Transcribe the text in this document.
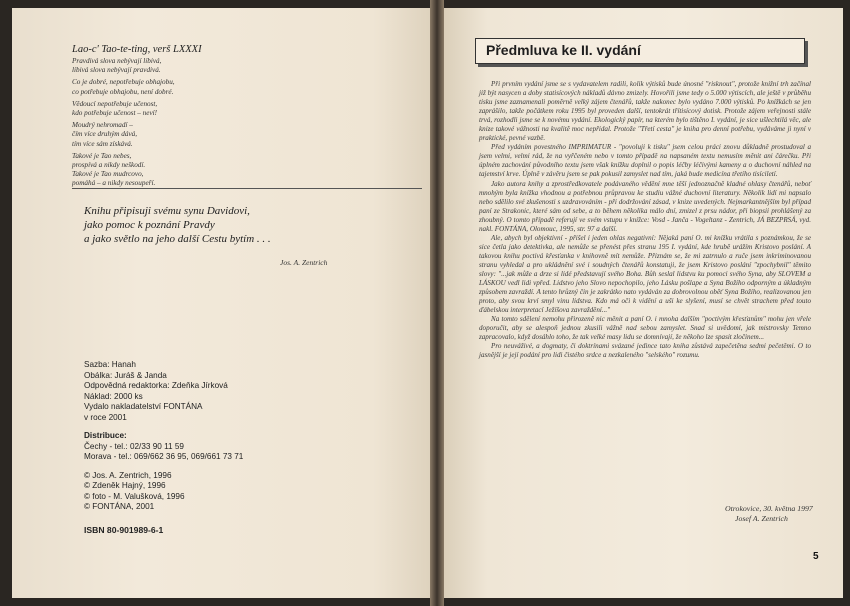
Lao-c' Tao-te-ting, verš LXXXI
Pravdivá slova nebývají líbivá,
líbivá slova nebývají pravdivá.
Co je dobré, nepotřebuje obhajobu,
co potřebuje obhajobu, není dobré.
Vědoucí nepotřebuje učenost,
kdo potřebuje učenost – neví!
Moudrý nehromadí –
čím více druhým dává,
tím více sám získává.
Takové je Tao nebes,
prospívá a nikdy neškodí.
Takové je Tao mudrcovo,
pomáhá – a nikdy nesoupeří.
Knihu připisuji svému synu Davidovi,
jako pomoc k poznání Pravdy
a jako světlo na jeho další Cestu bytím . . .
Jos. A. Zentrich
Sazba: Hanah
Obálka: Juráš & Janda
Odpovědná redaktorka: Zdeňka Jírková
Náklad: 2000 ks
Vydalo nakladatelství FONTÁNA
v roce 2001
Distribuce:
Čechy - tel.: 02/33 90 11 59
Morava - tel.: 069/662 36 95, 069/661 73 71
© Jos. A. Zentrich, 1996
© Zdeněk Hajný, 1996
© foto - M. Valušková, 1996
© FONTÁNA, 2001
ISBN 80-901989-6-1
Předmluva ke II. vydání

Při prvním vydání jsme se s vydavatelem radili, kolik výtisků bude únosné "risknout", protože knižní trh začínal již být nasycen a doby statisícových nákladů dávno zmizely. Hovořili jsme tedy o 5.000 výtiscích, ale ještě v průběhu tisku jsme zaznamenali poměrně velký zájem čtenářů, takže nakonec bylo vydáno 7.000 výtisků. Po knížkách se jen zaprášilo, takže počátkem roku 1995 byl proveden další, tentokrát třítisícový dotisk. Protože zájem veřejnosti stále trvá, rozhodli jsme se k novému vydání. Ekologický papír, na kterém bylo tištěno I. vydání, je sice ušlechtilá věc, ale knize takové vážnosti na kvalitě moc nepřidal. Protože "Třetí cesta" je kniha pro denní potřebu, vydáváme ji nyní v praktické, pevné vazbě.

Před vydáním povestného IMPRIMATUR - "povoluji k tisku" jsem celou práci znovu důkladně prostudoval a jsem velmi, velmi rád, že na vyřčeném nebo v tomto případě na napsaném textu nemusím měnit ani čárečku. Při úplném zachování původního textu jsem však knížku doplnil o popis léčby léčivými kameny a o duchovní náhled na tajemství krve. Úplně v závěru jsem se pak pokusil zamyslet nad tím, jaká bude medicína třetího tisíciletí.

Jako autora knihy a zprostředkovatele podávaného vědění mne těší jednoznačně kladné ohlasy čtenářů, neboť mnohým byla knížka vhodnou a potřebnou průpravou ke studiu vážné duchovní literatury. Několik lidí mi napsalo nebo sdělilo své zkušenosti s uzdravováním - při dodržování zásad, v knize uvedených. Nejmarkantnějším byl případ paní ze Strakonic, které sám od sebe, a to během několika málo dní, zmizel z prsu nádor, při biopsii prohlášený za zhoubný. O tomto případě referují ve svém vstupu v knížce: Vosd - Janča - Vogeltanz - Zentrich, JÁ BEZPRSÁ, vyd. nakl. FONTÁNA, Olomouc, 1995, str. 97 a další.

Ale, abych byl objektivní - přišel i jeden ohlas negativní: Nějaká paní O. mi knížku vrátila s poznámkou, že se sice četla jako detektivka, ale nemůže se přenést přes stranu 195 I. vydání, kde hrubě urážím Kristovo poslání. A takovou knihu poctivá křesťanka v knihovně mít nemůže. Přiznám se, že mi zatrnulo a ruče jsem inkriminovanou stranu vyhledal a pro ukládnění své i soudných čtenářů konstatuji, že jsem Kristovo poslání "zpochybnil" těmito slovy: "...jak může a drze si lidé představují svého Boha. Bůh seslal lidstvu ku pomoci svého Syna, aby SLOVEM a LÁSKOU vedl lidi vpřed. Lidstvo jeho Slovo nepochopilo, jeho Lásku pošlape a Syna Božího odporným a úkladným způsobem zavraždí. A tento hrůzný čin je zakrátko nato vydáván za dobrovolnou oběť Syna Božího, realizovanou jen proto, aby svou krví smyl vinu lidstva. Kdo má oči k vidění a uši ke slyšení, musí se chvět strachem před touto ďábelskou interpretací Ježíšova zavraždění..."

Na tomto sdělení nemohu přirozeně nic měnit a paní O. i mnoha dalším "poctivým křesťanům" mohu jen vřele doporučit, aby se alespoň jednou zkusili vážně nad sebou zamyslet. Snad si uvědomí, jak mistrovsky Temno zapracovalo, když dosáhlo toho, že tak velké masy lidu se domnívají, že někoho lze spasit zločinem...

Pro neuváživé, a dogmaty, či doktrínami svázané jedince tato kniha zůstává zapečetěna sedmi pečetěmi. O to jasnější je její podání pro lidi čistého srdce a nezkaleného "selského" rozumu.

Otrokovice, 30. května 1997
Josef A. Zentrich
5
